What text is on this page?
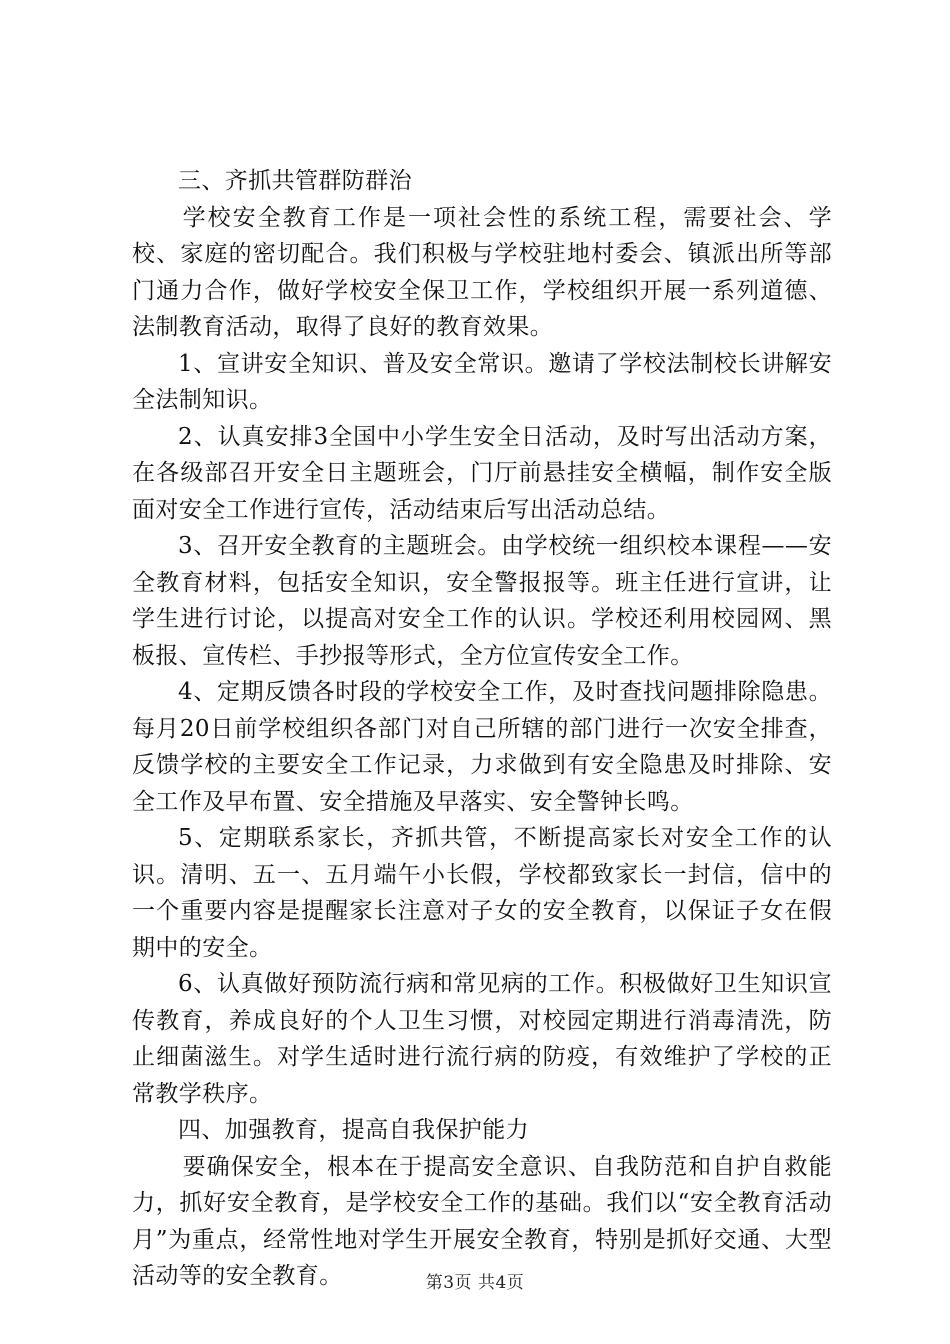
三、齐抓共管群防群治

学校安全教育工作是一项社会性的系统工程，需要社会、学校、家庭的密切配合。我们积极与学校驻地村委会、镇派出所等部门通力合作，做好学校安全保卫工作，学校组织开展一系列道德、法制教育活动，取得了良好的教育效果。

1、宣讲安全知识、普及安全常识。邀请了学校法制校长讲解安全法制知识。

2、认真安排3全国中小学生安全日活动，及时写出活动方案，在各级部召开安全日主题班会，门厅前悬挂安全横幅，制作安全版面对安全工作进行宣传，活动结束后写出活动总结。

3、召开安全教育的主题班会。由学校统一组织校本课程——安全教育材料，包括安全知识，安全警报报等。班主任进行宣讲，让学生进行讨论，以提高对安全工作的认识。学校还利用校园网、黑板报、宣传栏、手抄报等形式，全方位宣传安全工作。

4、定期反馈各时段的学校安全工作，及时查找问题排除隐患。每月20日前学校组织各部门对自己所辖的部门进行一次安全排查，反馈学校的主要安全工作记录，力求做到有安全隐患及时排除、安全工作及早布置、安全措施及早落实、安全警钟长鸣。

5、定期联系家长，齐抓共管，不断提高家长对安全工作的认识。清明、五一、五月端午小长假，学校都致家长一封信，信中的一个重要内容是提醒家长注意对子女的安全教育，以保证子女在假期中的安全。

6、认真做好预防流行病和常见病的工作。积极做好卫生知识宣传教育，养成良好的个人卫生习惯，对校园定期进行消毒清洗，防止细菌滋生。对学生适时进行流行病的防疫，有效维护了学校的正常教学秩序。

四、加强教育，提高自我保护能力

要确保安全，根本在于提高安全意识、自我防范和自护自救能力，抓好安全教育，是学校安全工作的基础。我们以“安全教育活动月”为重点，经常性地对学生开展安全教育，特别是抓好交通、大型活动等的安全教育。	第3页 共4页
